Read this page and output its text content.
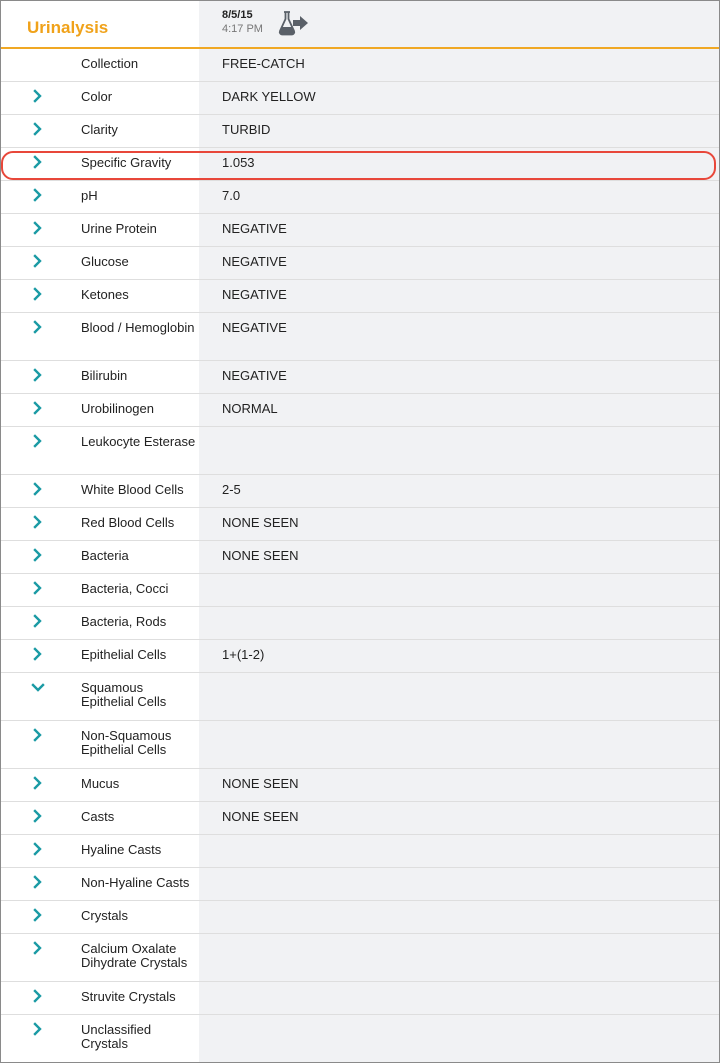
Urinalysis
8/5/15
4:17 PM
Collection	FREE-CATCH
Color	DARK YELLOW
Clarity	TURBID
Specific Gravity	1.053
pH	7.0
Urine Protein	NEGATIVE
Glucose	NEGATIVE
Ketones	NEGATIVE
Blood / Hemoglobin NEGATIVE
Bilirubin	NEGATIVE
Urobilinogen	NORMAL
Leukocyte Esterase
White Blood Cells	2-5
Red Blood Cells	NONE SEEN
Bacteria	NONE SEEN
Bacteria, Cocci
Bacteria, Rods
Epithelial Cells	1+(1-2)
Squamous Epithelial Cells
Non-Squamous Epithelial Cells
Mucus	NONE SEEN
Casts	NONE SEEN
Hyaline Casts
Non-Hyaline Casts
Crystals
Calcium Oxalate Dihydrate Crystals
Struvite Crystals
Unclassified Crystals
